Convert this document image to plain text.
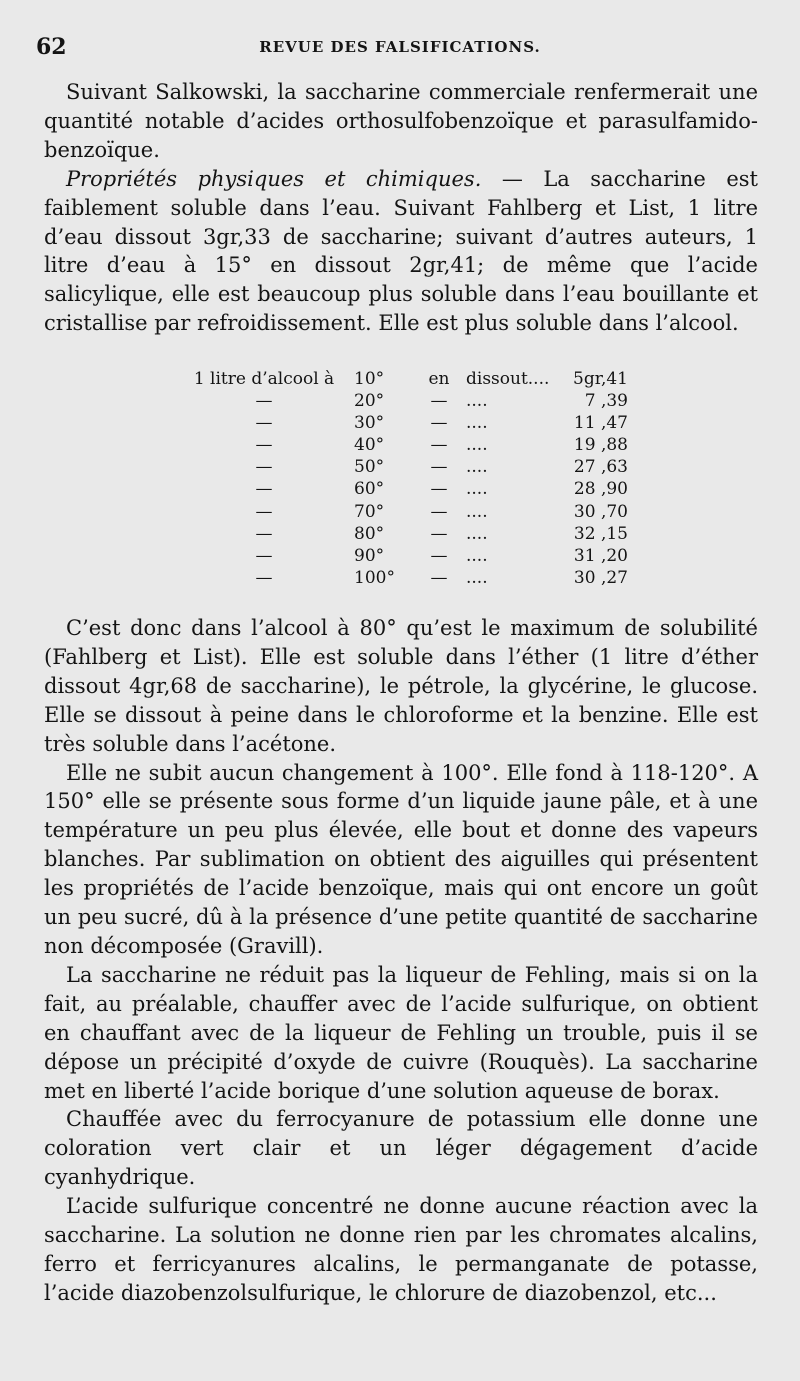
62	REVUE DES FALSIFICATIONS.
Suivant Salkowski, la saccharine commerciale renfermerait une quantité notable d’acides orthosulfobenzoïque et parasulfamido-benzoïque.
Propriétés physiques et chimiques. — La saccharine est faiblement soluble dans l’eau. Suivant Fahlberg et List, 1 litre d’eau dissout 3gr,33 de saccharine; suivant d’autres auteurs, 1 litre d’eau à 15° en dissout 2gr,41; de même que l’acide salicylique, elle est beaucoup plus soluble dans l’eau bouillante et cristallise par refroidissement. Elle est plus soluble dans l’alcool.
1 litre d’alcool à	10°	en dissout....	5gr,41
—	20°	—	....	7 ,39
—	30°	—	....	11 ,47
—	40°	—	....	19 ,88
—	50°	—	....	27 ,63
—	60°	—	....	28 ,90
—	70°	—	....	30 ,70
—	80°	—	....	32 ,15
—	90°	—	....	31 ,20
—	100°	—	....	30 ,27
C’est donc dans l’alcool à 80° qu’est le maximum de solubilité (Fahlberg et List). Elle est soluble dans l’éther (1 litre d’éther dissout 4gr,68 de saccharine), le pétrole, la glycérine, le glucose. Elle se dissout à peine dans le chloroforme et la benzine. Elle est très soluble dans l’acétone.
Elle ne subit aucun changement à 100°. Elle fond à 118-120°. A 150° elle se présente sous forme d’un liquide jaune pâle, et à une température un peu plus élevée, elle bout et donne des vapeurs blanches. Par sublimation on obtient des aiguilles qui présentent les propriétés de l’acide benzoïque, mais qui ont encore un goût un peu sucré, dû à la présence d’une petite quantité de saccharine non décomposée (Gravill).
La saccharine ne réduit pas la liqueur de Fehling, mais si on la fait, au préalable, chauffer avec de l’acide sulfurique, on obtient en chauffant avec de la liqueur de Fehling un trouble, puis il se dépose un précipité d’oxyde de cuivre (Rouquès). La saccharine met en liberté l’acide borique d’une solution aqueuse de borax.
Chauffée avec du ferrocyanure de potassium elle donne une coloration vert clair et un léger dégagement d’acide cyanhydrique.
L’acide sulfurique concentré ne donne aucune réaction avec la saccharine. La solution ne donne rien par les chromates alcalins, ferro et ferricyanures alcalins, le permanganate de potasse, l’acide diazobenzolsulfurique, le chlorure de diazobenzol, etc...
